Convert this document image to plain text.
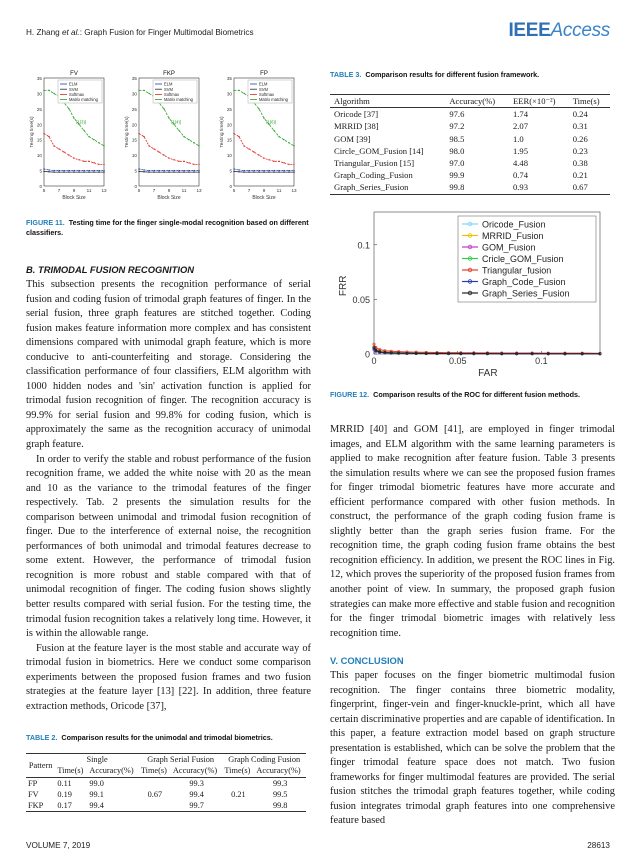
H. Zhang et al.: Graph Fusion for Finger Multimodal Biometrics	IEEEAccess
FV
0
5
10
15
20
25
30
35
5	7	9 11 13
Testing time(s)
Block Size
(1(3))
ELM
SVM
Softmax
Matrix matching
FKP
0
5
10
15
20
25
30
35
5	7	9 11 13
Testing time(s)
Block Size
(1(4))
ELM
SVM
Softmax
Matrix matching
FP
0
5
10
15
20
25
30
35
5	7	9 11 13
Testing time(s)
Block Size
(1(6))
ELM
SVM
Softmax
Matrix matching
FIGURE 11. Testing time for the finger single-modal recognition based on different classifiers.
B. TRIMODAL FUSION RECOGNITION

This subsection presents the recognition performance of serial fusion and coding fusion of trimodal graph features of finger. In the serial fusion, three graph features are stitched together. Coding fusion makes feature information more complex and has consistent dimensions compared with unimodal graph feature, which is more conducive to anti-counterfeiting and storage. Considering the classification performance of four classifiers, ELM algorithm with 1000 hidden nodes and 'sin' activation function is applied for trimodal fusion recognition of finger. The recognition accuracy is 99.9% for serial fusion and 99.8% for coding fusion, which is approximately the same as the recognition accuracy of unimodal graph feature.

In order to verify the stable and robust performance of the fusion recognition frame, we added the white noise with 20 as the mean and 10 as the variance to the trimodal features of the finger respectively. Tab. 2 presents the simulation results for the comparison between unimodal and trimodal fusion recognition of finger. Due to the interference of external noise, the recognition performances of both unimodal and trimodal features decrease to some extent. However, the performance of trimodal fusion recognition is more robust and stable compared with that of unimodal recognition of finger. The coding fusion shows slightly better results compared with serial fusion. For the testing time, the trimodal fusion recognition takes a relatively long time. However, it is within the allowable range.

Fusion at the feature layer is the most stable and accurate way of trimodal fusion in biometrics. Here we conduct some comparison experiments between the proposed fusion frames and two fusion strategies at the feature layer [13] [22]. In addition, three feature extraction methods, Oricode [37],

TABLE 2. Comparison results for the unimodal and trimodal biometrics.
Pattern	Single		Graph Serial Fusion		Graph Coding Fusion	
	Time(s)	Accuracy(%)	Time(s)	Accuracy(%)	Time(s)	Accuracy(%)
FP	0.11	99.0		99.3		99.3
FV	0.19	99.1	0.67	99.4	0.21	99.5
FKP	0.17	99.4		99.7		99.8
TABLE 3. Comparison results for different fusion framework.
Algorithm	Accuracy(%)	EER(×10⁻²)	Time(s)
Oricode [37]	97.6	1.74	0.24
MRRID [38]	97.2	2.07	0.31
GOM [39]	98.5	1.0	0.26
Circle_GOM_Fusion [14]	98.0	1.95	0.23
Triangular_Fusion [15]	97.0	4.48	0.38
Graph_Coding_Fusion	99.9	0.74	0.21
Graph_Series_Fusion	99.8	0.93	0.67
0
0
0.05
0.05
0.1
0.1
FRR
FAR
Oricode_Fusion
MRRID_Fusion
GOM_Fusion
Cricle_GOM_Fusion
Triangular_fusion
Graph_Code_Fusion
Graph_Series_Fusion
FIGURE 12. Comparison results of the ROC for different fusion methods.

MRRID [40] and GOM [41], are employed in finger trimodal images, and ELM algorithm with the same learning parameters is applied to make recognition after feature fusion. Table 3 presents the simulation results where we can see the proposed fusion frames for finger trimodal biometric features have more accurate and efficient performance compared with other fusion methods. In construct, the performance of the graph coding fusion frame is slightly better than the graph series fusion frame. For the recognition time, the graph coding fusion frame obtains the best recognition efficiency. In addition, we present the ROC lines in Fig. 12, which proves the superiority of the proposed fusion frames from another point of view. In summary, the proposed graph fusion strategies can make more effective and stable fusion and recognition for the finger trimodal biometric images with relatively less recognition time.

V. CONCLUSION

This paper focuses on the finger biometric multimodal fusion recognition. The finger contains three biometric modality, fingerprint, finger-vein and finger-knuckle-print, which all have certain discriminative properties and are capable of identification. In this paper, a feature extraction model based on graph structure presentation is established, which can be solve the problem that the finger trimodal feature space does not match. Two fusion frameworks for finger multimodal features are provided. The serial fusion stitches the trimodal graph features together, while coding fusion integrates trimodal graph features into one comprehensive feature based

VOLUME 7, 2019	28613
